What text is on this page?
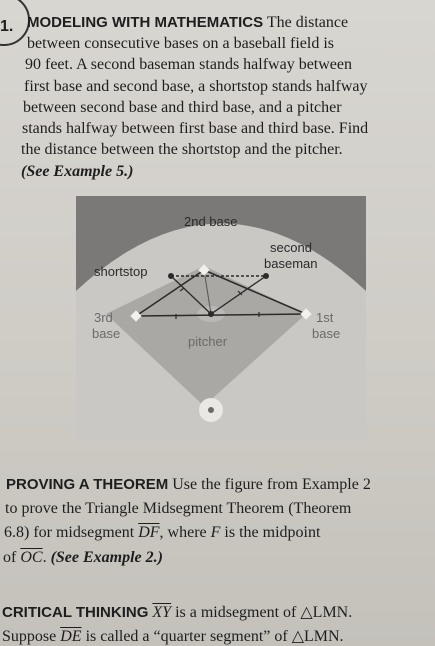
1. MODELING WITH MATHEMATICS The distance
between consecutive bases on a baseball field is
90 feet. A second baseman stands halfway between
first base and second base, a shortstop stands halfway
between second base and third base, and a pitcher
stands halfway between first base and third base. Find
the distance between the shortstop and the pitcher.
(See Example 5.)
2nd base
second
baseman
shortstop
3rd
base
pitcher
1st
base
PROVING A THEOREM Use the figure from Example 2
to prove the Triangle Midsegment Theorem (Theorem
6.8) for midsegment $\overline{DF}$, where F is the midpoint
of $\overline{OC}$. (See Example 2.)
CRITICAL THINKING $\overline{XY}$ is a midsegment of △LMN.
Suppose $\overline{DE}$ is called a “quarter segment” of △LMN.
